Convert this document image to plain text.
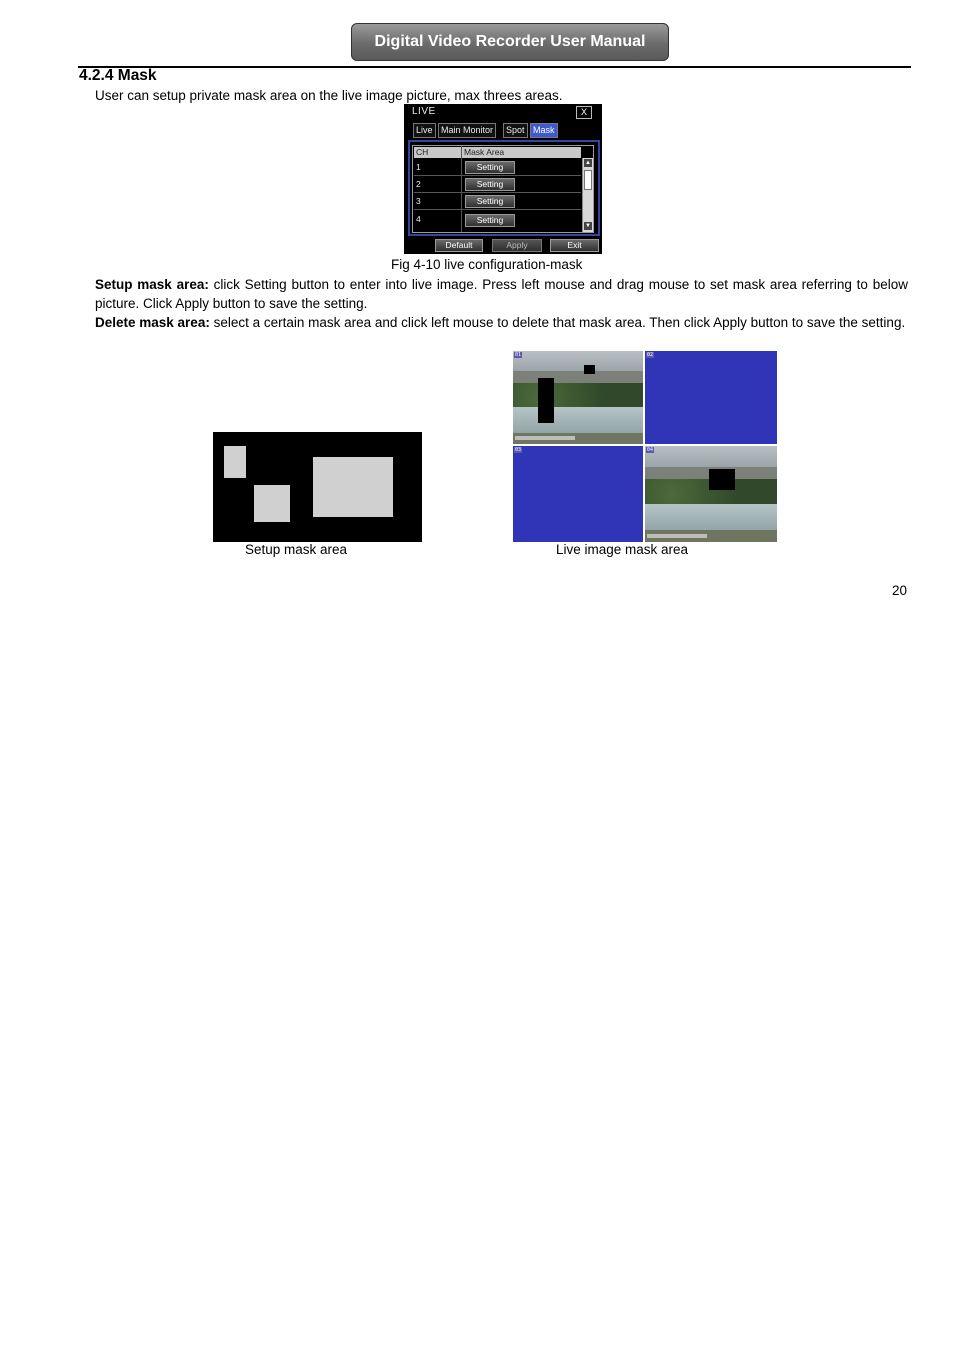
Digital Video Recorder User Manual
4.2.4 Mask
User can setup private mask area on the live image picture, max threes areas.
LIVE	X
Live Main Monitor	Spot Mask
CH	Mask Area
1	Setting
2	Setting
3	Setting
4	Setting
▲
▼
Default	Apply	Exit
Fig 4-10 live configuration-mask
Setup mask area: click Setting button to enter into live image. Press left mouse and drag mouse to set mask area referring to below picture. Click Apply button to save the setting.
Delete mask area: select a certain mask area and click left mouse to delete that mask area. Then click Apply button to save the setting.
01	02
03	04
Setup mask area	Live image mask area
20
